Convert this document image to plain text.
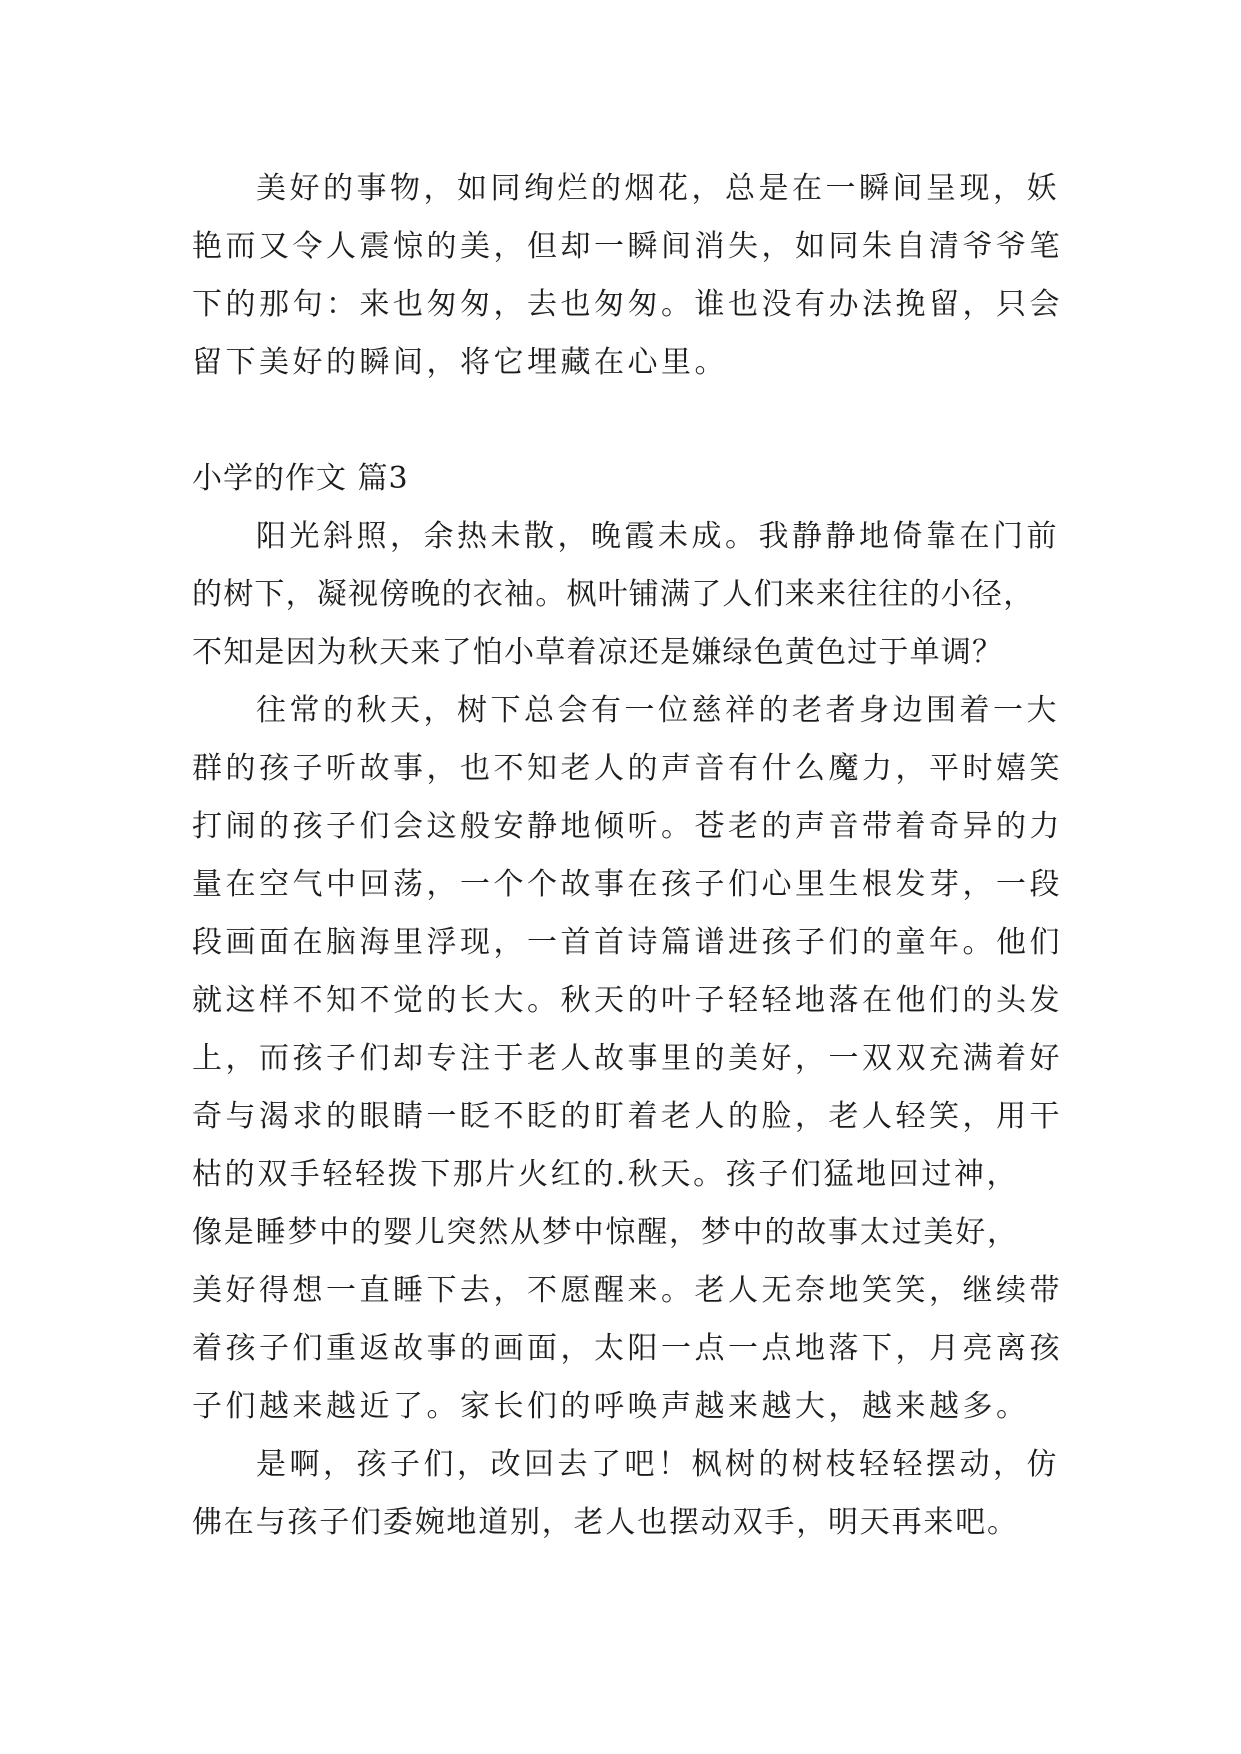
美好的事物，如同绚烂的烟花，总是在一瞬间呈现，妖
艳而又令人震惊的美，但却一瞬间消失，如同朱自清爷爷笔
下的那句：来也匆匆，去也匆匆。谁也没有办法挽留，只会
留下美好的瞬间，将它埋藏在心里。
小学的作文 篇3
阳光斜照，余热未散，晚霞未成。我静静地倚靠在门前
的树下，凝视傍晚的衣袖。枫叶铺满了人们来来往往的小径，
不知是因为秋天来了怕小草着凉还是嫌绿色黄色过于单调？
往常的秋天，树下总会有一位慈祥的老者身边围着一大
群的孩子听故事，也不知老人的声音有什么魔力，平时嬉笑
打闹的孩子们会这般安静地倾听。苍老的声音带着奇异的力
量在空气中回荡，一个个故事在孩子们心里生根发芽，一段
段画面在脑海里浮现，一首首诗篇谱进孩子们的童年。他们
就这样不知不觉的长大。秋天的叶子轻轻地落在他们的头发
上，而孩子们却专注于老人故事里的美好，一双双充满着好
奇与渴求的眼睛一眨不眨的盯着老人的脸，老人轻笑，用干
枯的双手轻轻拨下那片火红的.秋天。孩子们猛地回过神，
像是睡梦中的婴儿突然从梦中惊醒，梦中的故事太过美好，
美好得想一直睡下去，不愿醒来。老人无奈地笑笑，继续带
着孩子们重返故事的画面，太阳一点一点地落下，月亮离孩
子们越来越近了。家长们的呼唤声越来越大，越来越多。
是啊，孩子们，改回去了吧！枫树的树枝轻轻摆动，仿
佛在与孩子们委婉地道别，老人也摆动双手，明天再来吧。
